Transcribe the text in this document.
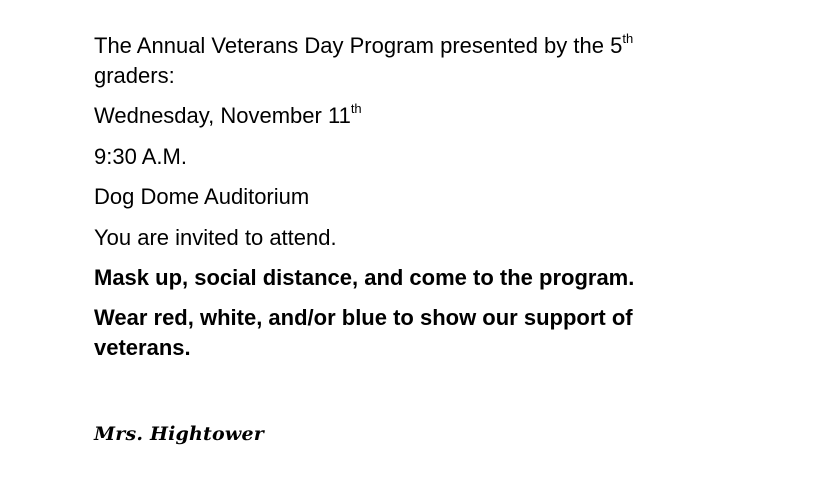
The Annual Veterans Day Program presented by the 5th
graders:
Wednesday, November 11th
9:30 A.M.
Dog Dome Auditorium
You are invited to attend.
Mask up, social distance, and come to the program.
Wear red, white, and/or blue to show our support of
veterans.
Mrs. Hightower
